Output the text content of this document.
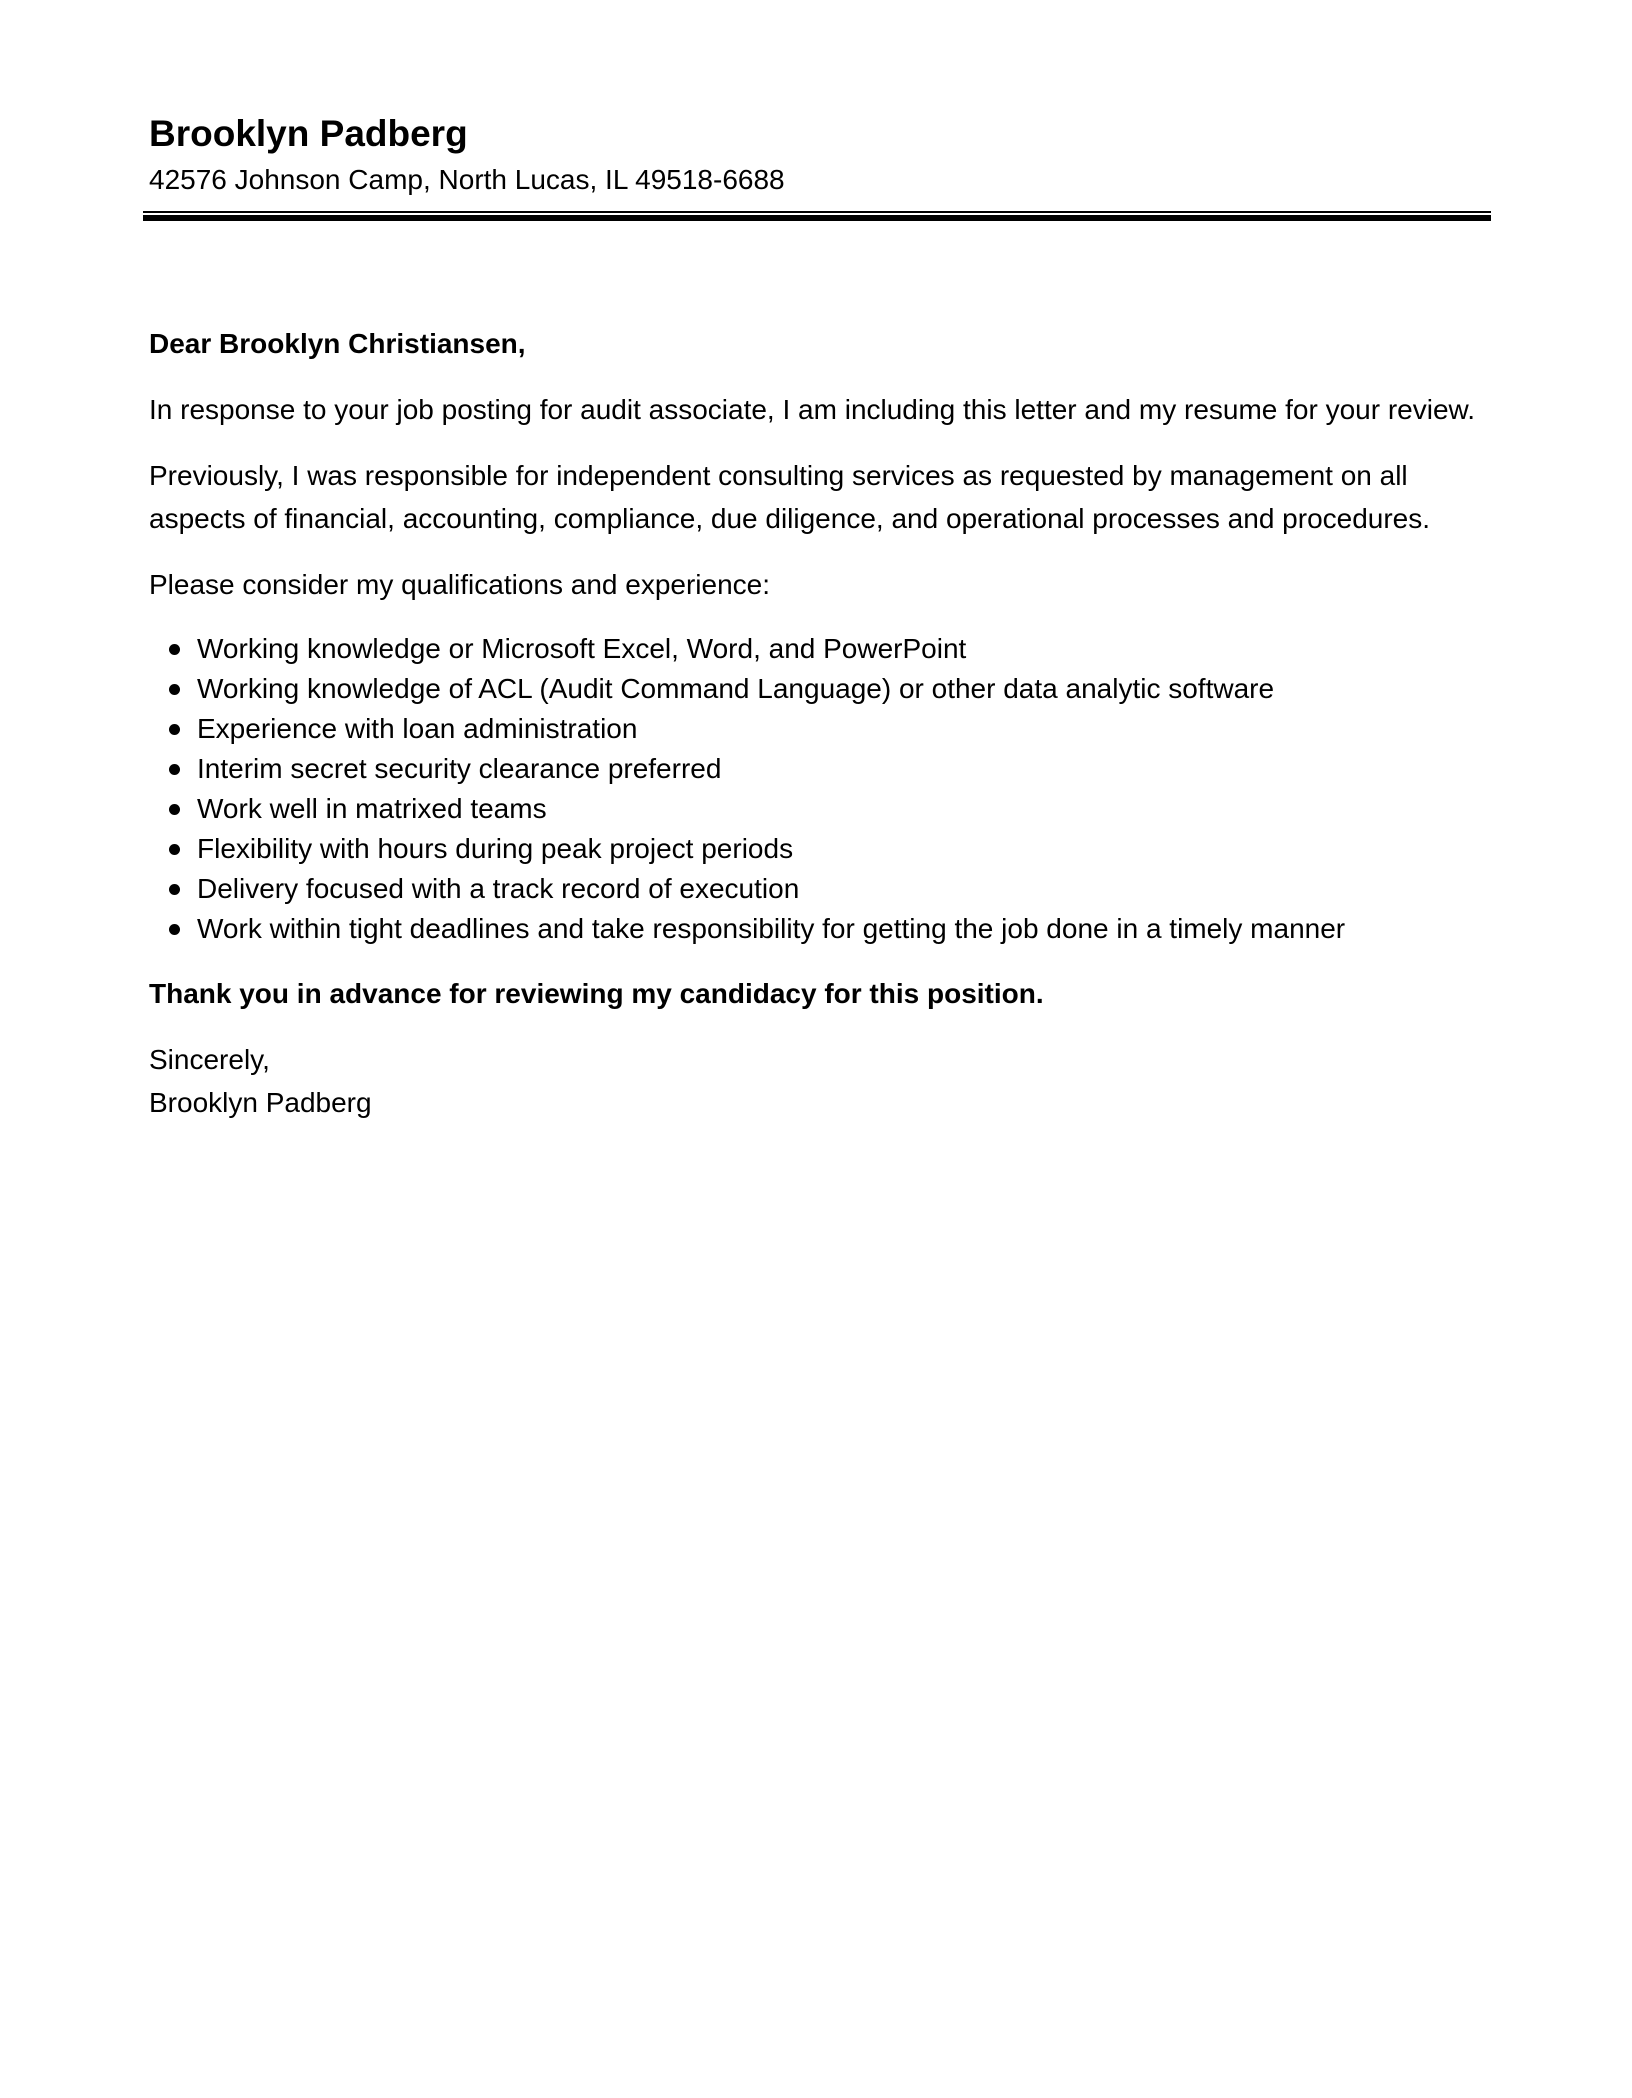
Brooklyn Padberg
42576 Johnson Camp, North Lucas, IL 49518-6688

Dear Brooklyn Christiansen,

In response to your job posting for audit associate, I am including this letter and my resume for your review.

Previously, I was responsible for independent consulting services as requested by management on all aspects of financial, accounting, compliance, due diligence, and operational processes and procedures.

Please consider my qualifications and experience:

Working knowledge or Microsoft Excel, Word, and PowerPoint
Working knowledge of ACL (Audit Command Language) or other data analytic software
Experience with loan administration
Interim secret security clearance preferred
Work well in matrixed teams
Flexibility with hours during peak project periods
Delivery focused with a track record of execution
Work within tight deadlines and take responsibility for getting the job done in a timely manner

Thank you in advance for reviewing my candidacy for this position.

Sincerely,
Brooklyn Padberg
